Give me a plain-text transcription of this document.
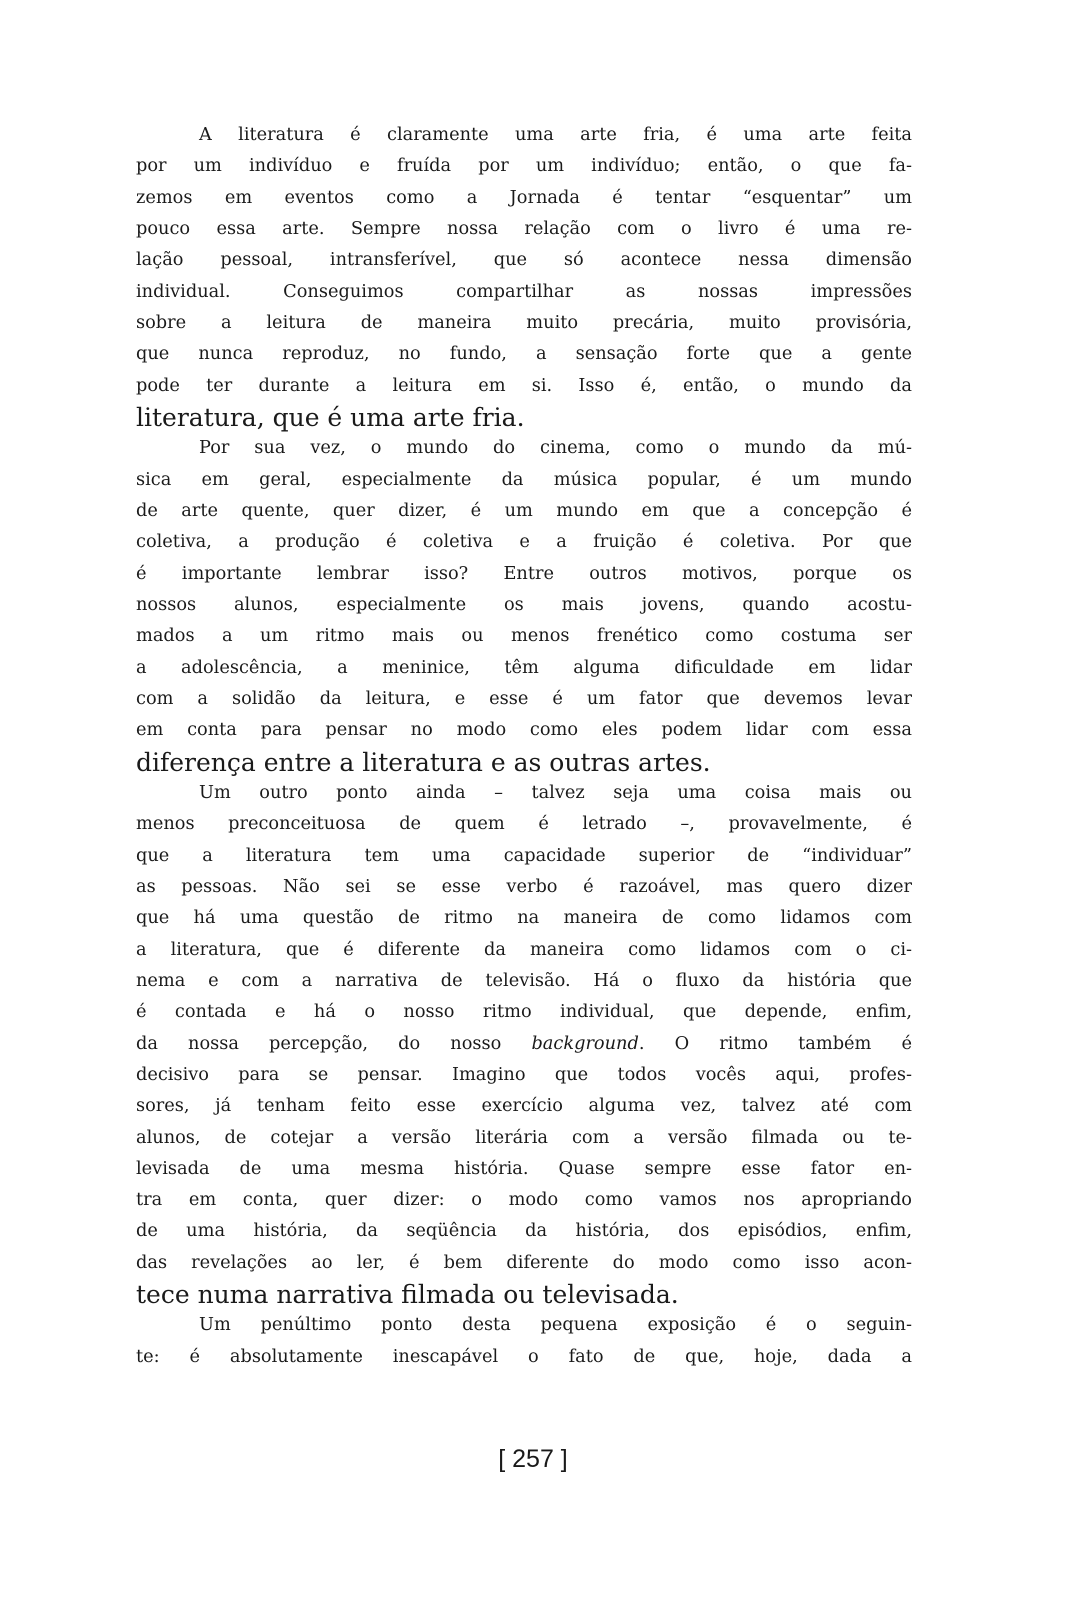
A literatura é claramente uma arte fria, é uma arte feita
por um indivíduo e fruída por um indivíduo; então, o que fa-
zemos em eventos como a Jornada é tentar “esquentar” um
pouco essa arte. Sempre nossa relação com o livro é uma re-
lação pessoal, intransferível, que só acontece nessa dimensão
individual. Conseguimos compartilhar as nossas impressões
sobre a leitura de maneira muito precária, muito provisória,
que nunca reproduz, no fundo, a sensação forte que a gente
pode ter durante a leitura em si. Isso é, então, o mundo da
literatura, que é uma arte fria.
Por sua vez, o mundo do cinema, como o mundo da mú-
sica em geral, especialmente da música popular, é um mundo
de arte quente, quer dizer, é um mundo em que a concepção é
coletiva, a produção é coletiva e a fruição é coletiva. Por que
é importante lembrar isso? Entre outros motivos, porque os
nossos alunos, especialmente os mais jovens, quando acostu-
mados a um ritmo mais ou menos frenético como costuma ser
a adolescência, a meninice, têm alguma dificuldade em lidar
com a solidão da leitura, e esse é um fator que devemos levar
em conta para pensar no modo como eles podem lidar com essa
diferença entre a literatura e as outras artes.
Um outro ponto ainda – talvez seja uma coisa mais ou
menos preconceituosa de quem é letrado –, provavelmente, é
que a literatura tem uma capacidade superior de “individuar”
as pessoas. Não sei se esse verbo é razoável, mas quero dizer
que há uma questão de ritmo na maneira de como lidamos com
a literatura, que é diferente da maneira como lidamos com o ci-
nema e com a narrativa de televisão. Há o fluxo da história que
é contada e há o nosso ritmo individual, que depende, enfim,
da nossa percepção, do nosso background. O ritmo também é
decisivo para se pensar. Imagino que todos vocês aqui, profes-
sores, já tenham feito esse exercício alguma vez, talvez até com
alunos, de cotejar a versão literária com a versão filmada ou te-
levisada de uma mesma história. Quase sempre esse fator en-
tra em conta, quer dizer: o modo como vamos nos apropriando
de uma história, da seqüência da história, dos episódios, enfim,
das revelações ao ler, é bem diferente do modo como isso acon-
tece numa narrativa filmada ou televisada.
Um penúltimo ponto desta pequena exposição é o seguin-
te: é absolutamente inescapável o fato de que, hoje, dada a
[ 257 ]
